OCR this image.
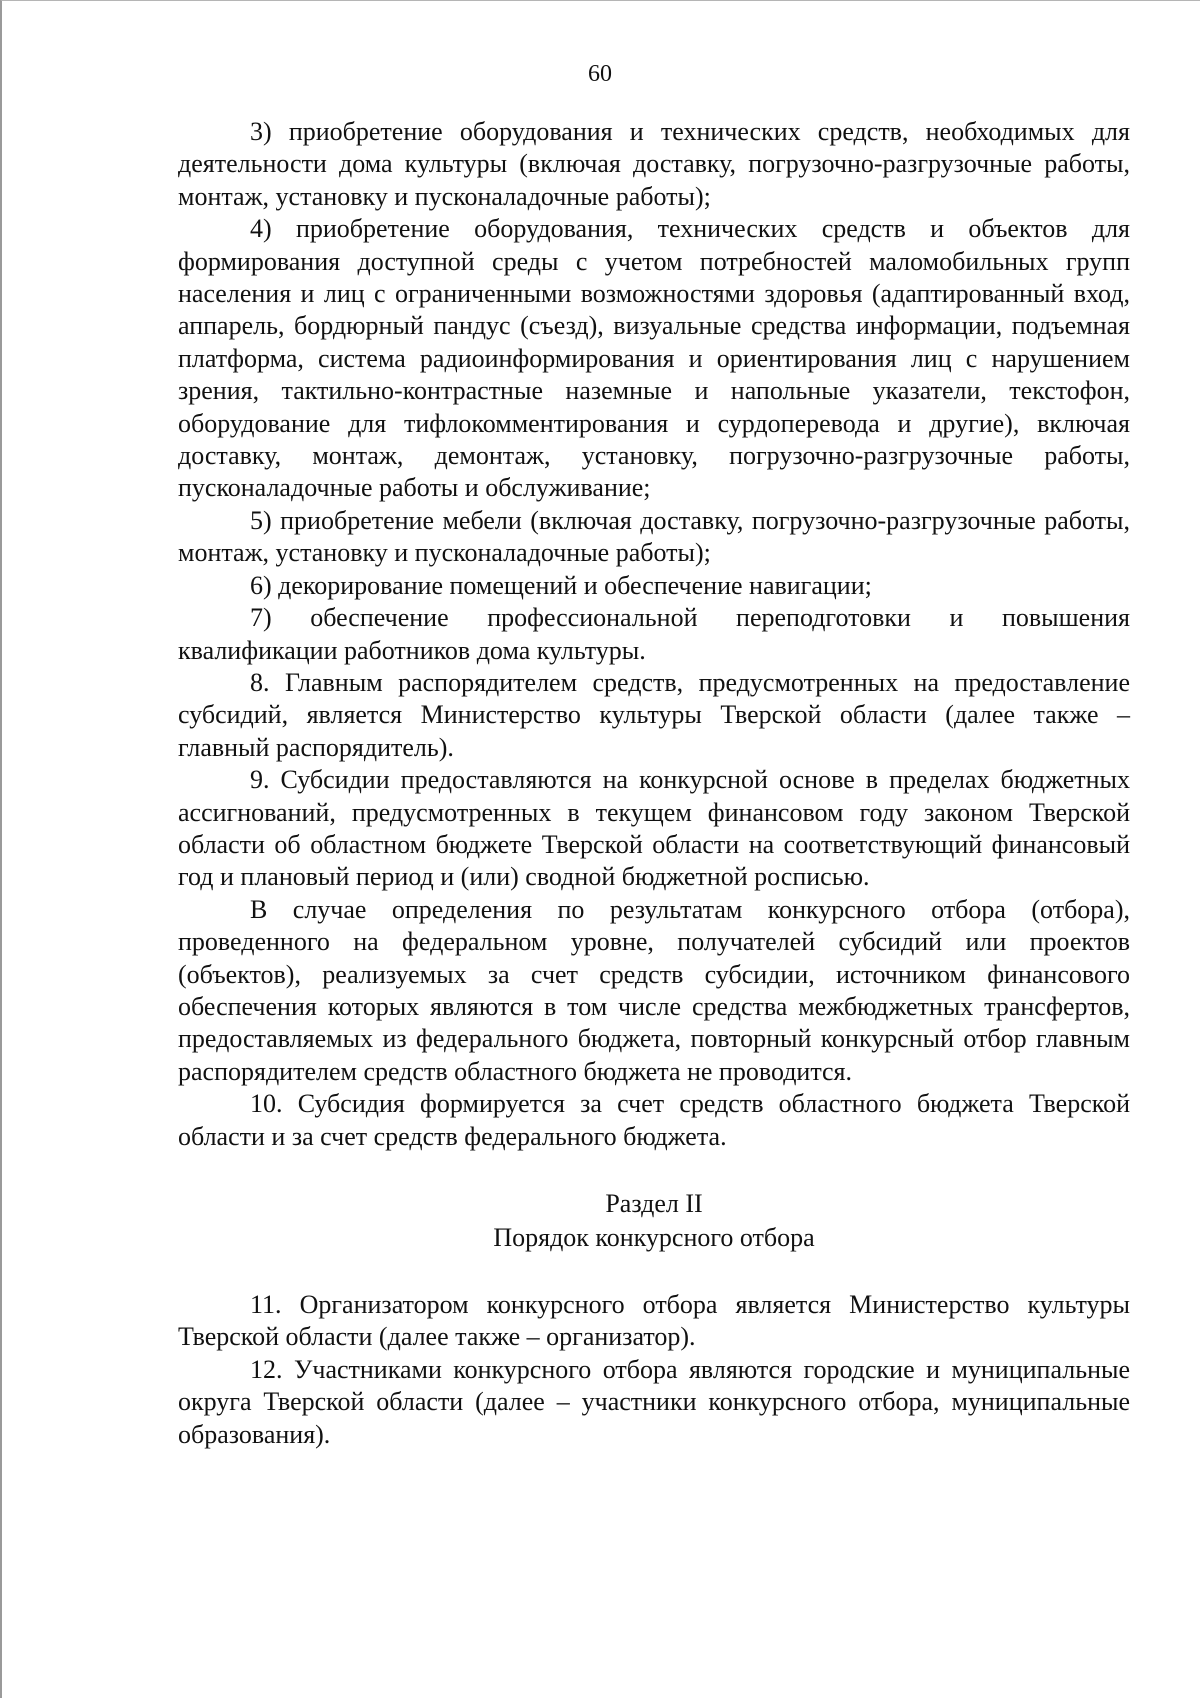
60

3) приобретение оборудования и технических средств, необходимых для деятельности дома культуры (включая доставку, погрузочно-разгрузочные работы, монтаж, установку и пусконаладочные работы);

4) приобретение оборудования, технических средств и объектов для формирования доступной среды с учетом потребностей маломобильных групп населения и лиц с ограниченными возможностями здоровья (адаптированный вход, аппарель, бордюрный пандус (съезд), визуальные средства информации, подъемная платформа, система радиоинформирования и ориентирования лиц с нарушением зрения, тактильно-контрастные наземные и напольные указатели, текстофон, оборудование для тифлокомментирования и сурдоперевода и другие), включая доставку, монтаж, демонтаж, установку, погрузочно-разгрузочные работы, пусконаладочные работы и обслуживание;

5) приобретение мебели (включая доставку, погрузочно-разгрузочные работы, монтаж, установку и пусконаладочные работы);

6) декорирование помещений и обеспечение навигации;

7) обеспечение профессиональной переподготовки и повышения квалификации работников дома культуры.

8. Главным распорядителем средств, предусмотренных на предоставление субсидий, является Министерство культуры Тверской области (далее также – главный распорядитель).

9. Субсидии предоставляются на конкурсной основе в пределах бюджетных ассигнований, предусмотренных в текущем финансовом году законом Тверской области об областном бюджете Тверской области на соответствующий финансовый год и плановый период и (или) сводной бюджетной росписью.

В случае определения по результатам конкурсного отбора (отбора), проведенного на федеральном уровне, получателей субсидий или проектов (объектов), реализуемых за счет средств субсидии, источником финансового обеспечения которых являются в том числе средства межбюджетных трансфертов, предоставляемых из федерального бюджета, повторный конкурсный отбор главным распорядителем средств областного бюджета не проводится.

10. Субсидия формируется за счет средств областного бюджета Тверской области и за счет средств федерального бюджета.

Раздел II
Порядок конкурсного отбора

11. Организатором конкурсного отбора является Министерство культуры Тверской области (далее также – организатор).

12. Участниками конкурсного отбора являются городские и муниципальные округа Тверской области (далее – участники конкурсного отбора, муниципальные образования).
